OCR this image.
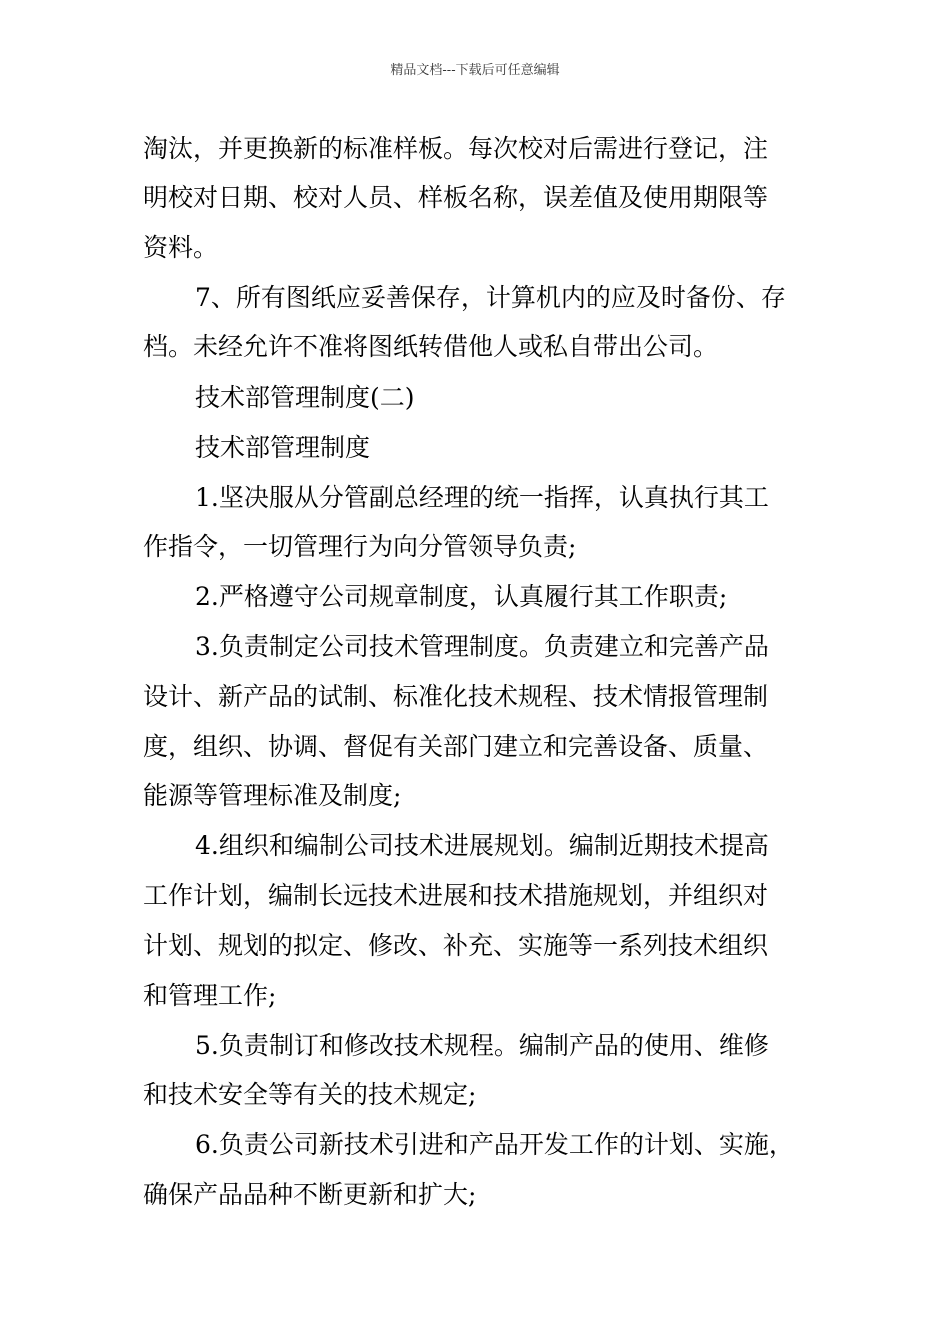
精品文档---下载后可任意编辑
淘汰，并更换新的标准样板。每次校对后需进行登记，注
明校对日期、校对人员、样板名称，误差值及使用期限等
资料。
7、所有图纸应妥善保存，计算机内的应及时备份、存
档。未经允许不准将图纸转借他人或私自带出公司。
技术部管理制度(二)
技术部管理制度
1.坚决服从分管副总经理的统一指挥，认真执行其工
作指令，一切管理行为向分管领导负责;
2.严格遵守公司规章制度，认真履行其工作职责;
3.负责制定公司技术管理制度。负责建立和完善产品
设计、新产品的试制、标准化技术规程、技术情报管理制
度，组织、协调、督促有关部门建立和完善设备、质量、
能源等管理标准及制度;
4.组织和编制公司技术进展规划。编制近期技术提高
工作计划，编制长远技术进展和技术措施规划，并组织对
计划、规划的拟定、修改、补充、实施等一系列技术组织
和管理工作;
5.负责制订和修改技术规程。编制产品的使用、维修
和技术安全等有关的技术规定;
6.负责公司新技术引进和产品开发工作的计划、实施，
确保产品品种不断更新和扩大;
